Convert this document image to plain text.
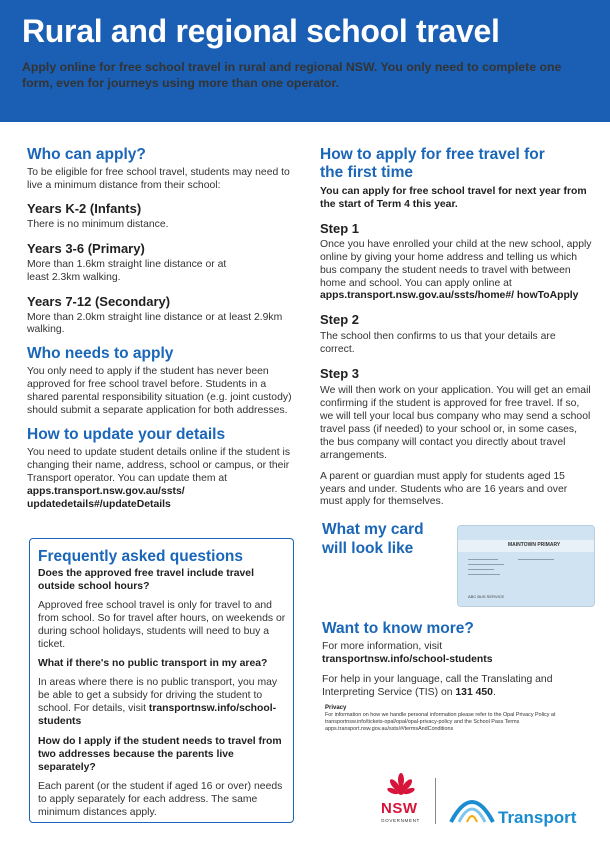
Rural and regional school travel

Apply online for free school travel in rural and regional NSW. You only need to complete one form, even for journeys using more than one operator.

Who can apply?

To be eligible for free school travel, students may need to live a minimum distance from their school:

Years K-2 (Infants)

There is no minimum distance.

Years 3-6 (Primary)

More than 1.6km straight line distance or at least 2.3km walking.

Years 7-12 (Secondary)

More than 2.0km straight line distance or at least 2.9km walking.

Who needs to apply

You only need to apply if the student has never been approved for free school travel before. Students in a shared parental responsibility situation (e.g. joint custody) should submit a separate application for both addresses.

How to update your details

You need to update student details online if the student is changing their name, address, school or campus, or their Transport operator. You can update them at apps.transport.nsw.gov.au/ssts/ updatedetails#/updateDetails

Frequently asked questions
Does the approved free travel include travel outside school hours?

Approved free school travel is only for travel to and from school. So for travel after hours, on weekends or during school holidays, students will need to buy a ticket.

What if there's no public transport in my area?

In areas where there is no public transport, you may be able to get a subsidy for driving the student to school. For details, visit transportnsw.info/school-students

How do I apply if the student needs to travel from two addresses because the parents live separately?

Each parent (or the student if aged 16 or over) needs to apply separately for each address. The same minimum distances apply.

How to apply for free travel for the first time

You can apply for free school travel for next year from the start of Term 4 this year.

Step 1

Once you have enrolled your child at the new school, apply online by giving your home address and telling us which bus company the student needs to travel with between home and school. You can apply online at apps.transport.nsw.gov.au/ssts/home#/ howToApply

Step 2

The school then confirms to us that your details are correct.

Step 3

We will then work on your application. You will get an email confirming if the student is approved for free travel. If so, we will tell your local bus company who may send a school travel pass (if needed) to your school or, in some cases, the bus company will contact you directly about travel arrangements.

A parent or guardian must apply for students aged 15 years and under. Students who are 16 years and over must apply for themselves.

What my card will look like	MAINTOWN PRIMARY
ABC BUS SERVICE
Want to know more?

For more information, visit

transportnsw.info/school-students

For help in your language, call the Translating and Interpreting Service (TIS) on 131 450.

Privacy
For information on how we handle personal information please refer to the Opal Privacy Policy at transportnsw.info/tickets-opal/opal/opal-privacy-policy and the School Pass Terms apps.transport.nsw.gov.au/ssts/#/termsAndConditions
NSW
GOVERNMENT	Transport
